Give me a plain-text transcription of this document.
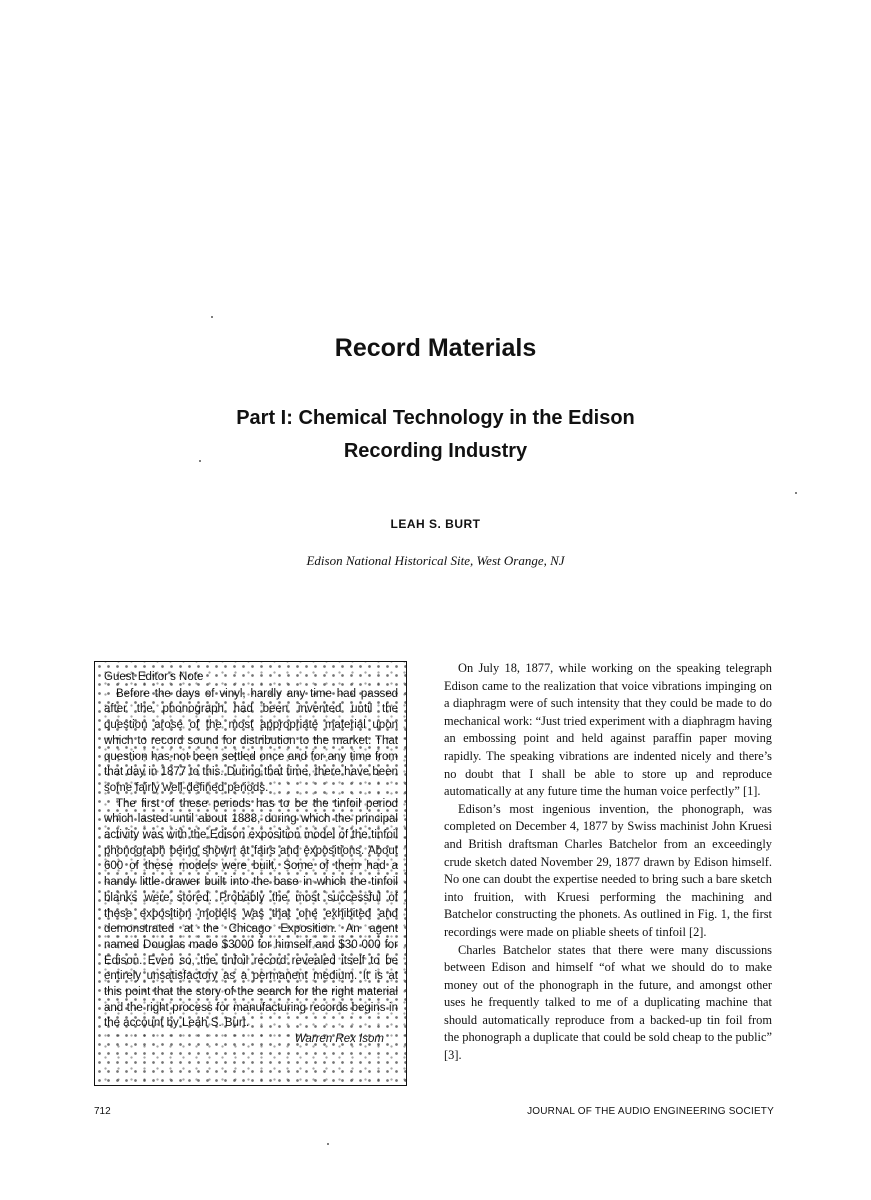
Record Materials
Part I: Chemical Technology in the Edison
Recording Industry
LEAH S. BURT
Edison National Historical Site, West Orange, NJ
Guest Editor's Note

Before the days of vinyl, hardly any time had passed after the phonograph had been invented until the question arose of the most appropriate material upon which to record sound for distribution to the market. That question has not been settled once and for any time from that day in 1877 to this. During that time, there have been some fairly well-defined periods.

The first of these periods has to be the tinfoil period which lasted until about 1888, during which the principal activity was with the Edison exposition model of the tinfoil phonograph being shown at fairs and expositions. About 600 of these models were built. Some of them had a handy little drawer built into the base in which the tinfoil blanks were stored. Probably the most successful of these exposition models was that one exhibited and demonstrated at the Chicago Exposition. An agent named Douglas made $3000 for himself and $30 000 for Edison. Even so, the tinfoil record revealed itself to be entirely unsatisfactory as a permanent medium. It is at this point that the story of the search for the right material and the right process for manufacturing records begins in the account by Leah S. Burt.

Warren Rex Isom

On July 18, 1877, while working on the speaking telegraph Edison came to the realization that voice vibrations impinging on a diaphragm were of such intensity that they could be made to do mechanical work: “Just tried experiment with a diaphragm having an embossing point and held against paraffin paper moving rapidly. The speaking vibrations are indented nicely and there’s no doubt that I shall be able to store up and reproduce automatically at any future time the human voice perfectly” [1].

Edison’s most ingenious invention, the phonograph, was completed on December 4, 1877 by Swiss machinist John Kruesi and British draftsman Charles Batchelor from an exceedingly crude sketch dated November 29, 1877 drawn by Edison himself. No one can doubt the expertise needed to bring such a bare sketch into fruition, with Kruesi performing the machining and Batchelor constructing the phonets. As outlined in Fig. 1, the first recordings were made on pliable sheets of tinfoil [2].

Charles Batchelor states that there were many discussions between Edison and himself “of what we should do to make money out of the phonograph in the future, and amongst other uses he frequently talked to me of a duplicating machine that should automatically reproduce from a backed-up tin foil from the phonograph a duplicate that could be sold cheap to the public” [3].

712	JOURNAL OF THE AUDIO ENGINEERING SOCIETY
